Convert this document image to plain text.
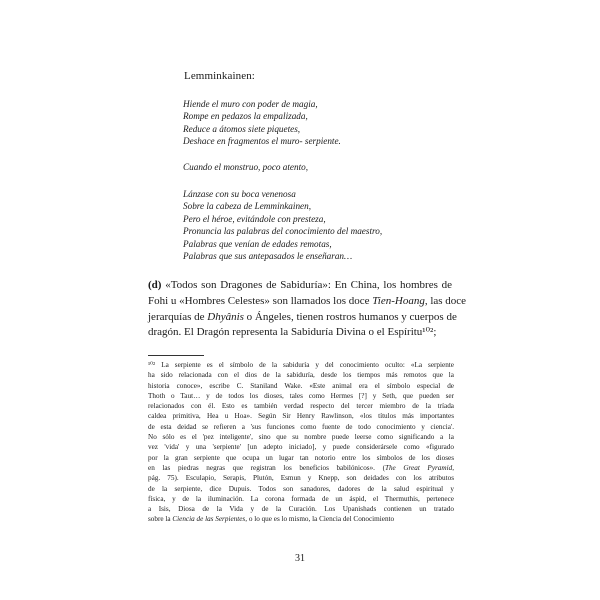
Lemminkainen:
Hiende el muro con poder de magia,
Rompe en pedazos la empalizada,
Reduce a átomos siete piquetes,
Deshace en fragmentos el muro- serpiente.
Cuando el monstruo, poco atento,
Lánzase con su boca venenosa
Sobre la cabeza de Lemminkainen,
Pero el héroe, evitándole con presteza,
Pronuncia las palabras del conocimiento del maestro,
Palabras que venían de edades remotas,
Palabras que sus antepasados le enseñaran…
(d) «Todos son Dragones de Sabiduría»: En China, los hombres de
Fohi u «Hombres Celestes» son llamados los doce Tien-Hoang, las doce
jerarquías de Dhyânis o Ángeles, tienen rostros humanos y cuerpos de
dragón. El Dragón representa la Sabiduría Divina o el Espíritu¹⁰²;
¹⁰² La serpiente es el símbolo de la sabiduría y del conocimiento oculto: «La serpiente
ha sido relacionada con el dios de la sabiduría, desde los tiempos más remotos que la
historia conoce», escribe C. Staniland Wake. «Este animal era el símbolo especial de
Thoth o Taut… y de todos los dioses, tales como Hermes [?] y Seth, que pueden ser
relacionados con él. Esto es también verdad respecto del tercer miembro de la tríada
caldea primitiva, Hea u Hoa». Según Sir Henry Rawlinson, «los títulos más importantes
de esta deidad se refieren a 'sus funciones como fuente de todo conocimiento y ciencia'.
No sólo es el 'pez inteligente', sino que su nombre puede leerse como significando a la
vez 'vida' y una 'serpiente' [un adepto iniciado], y puede considerársele como «figurado
por la gran serpiente que ocupa un lugar tan notorio entre los símbolos de los dioses
en las piedras negras que registran los beneficios babilónicos». (The Great Pyramid,
pág. 75). Esculapio, Serapis, Plutón, Esmun y Knepp, son deidades con los atributos
de la serpiente, dice Dupuis. Todos son sanadores, dadores de la salud espiritual y
física, y de la iluminación. La corona formada de un áspid, el Thermuthis, pertenece
a Isis, Diosa de la Vida y de la Curación. Los Upanishads contienen un tratado
sobre la Ciencia de las Serpientes, o lo que es lo mismo, la Ciencia del Conocimiento
31
